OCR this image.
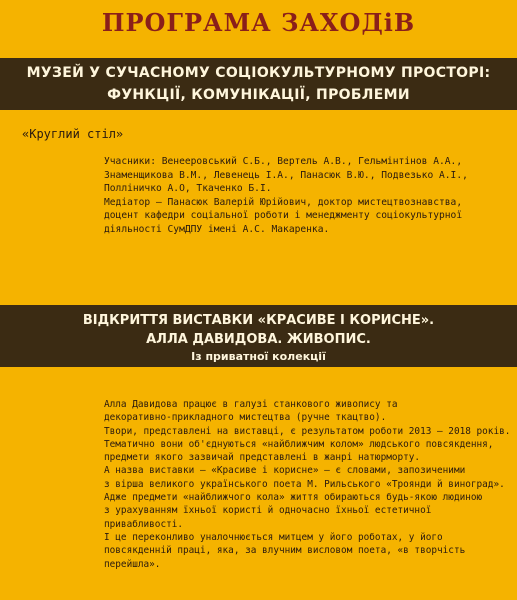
ПРОГРАМА ЗАХОДіВ
МУЗЕЙ У СУЧАСНОМУ СОЦІОКУЛЬТУРНОМУ ПРОСТОРІ:
ФУНКЦІЇ, КОМУНІКАЦІЇ, ПРОБЛЕМИ
«Круглий стіл»

Учасники: Венееровський С.Б., Вертель А.В., Гельмінтінов А.А.,

Знаменщикова В.М., Левенець І.А., Панасюк В.Ю., Подвезько А.І.,

Полліничко А.О, Ткаченко Б.І.

Медіатор – Панасюк Валерій Юрійович, доктор мистецтвознавства,

доцент кафедри соціальної роботи і менеджменту соціокультурної

діяльності СумДПУ імені А.С. Макаренка.

ВІДКРИТТЯ ВИСТАВКИ «КРАСИВЕ І КОРИСНЕ».
АЛЛА ДАВИДОВА. ЖИВОПИС.
Із приватної колекції

Алла Давидова працює в галузі станкового живопису та

декоративно-прикладного мистецтва (ручне ткацтво).

Твори, представлені на виставці, є результатом роботи 2013 – 2018 років.

Тематично вони об'єднуються «найближчим колом» людського повсякдення,

предмети якого зазвичай представлені в жанрі натюрморту.

А назва виставки – «Красиве і корисне» – є словами, запозиченими

з вірша великого українського поета М. Рильського «Троянди й виноград».

Адже предмети «найближчого кола» життя обираються будь-якою людиною

з урахуванням їхньої користі й одночасно їхньої естетичної привабливості.

І це переконливо уналочнюється митцем у його роботах, у його

повсякденній праці, яка, за влучним висловом поета, «в творчість перейшла».
